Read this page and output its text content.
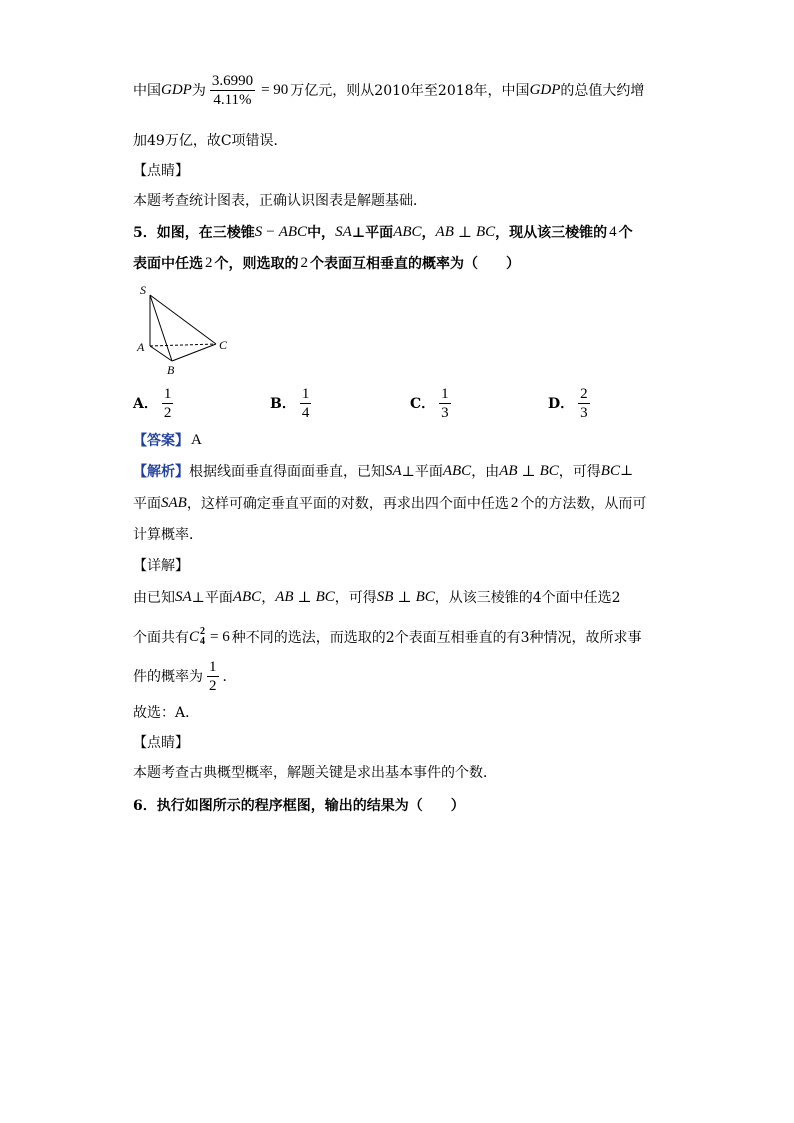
中国 GDP 为 $\frac{3.6990}{4.11\%} = 90$ 万亿元，则从2010年至2018年，中国 GDP 的总值大约增
加49万亿，故C项错误．
【点睛】
本题考查统计图表，正确认识图表是解题基础．
5．如图，在三棱锥 S − ABC 中， SA ⊥平面 ABC ， AB ⊥ BC ，现从该三棱锥的 4 个
表面中任选 2 个，则选取的 2 个表面互相垂直的概率为（　　）
S
A
B
C
A． $\frac{1}{2}$	B． $\frac{1}{4}$	C． $\frac{1}{3}$	D． $\frac{2}{3}$
【答案】 A
【解析】 根据线面垂直得面面垂直，已知 SA ⊥平面 ABC ，由 AB ⊥ BC ，可得 BC ⊥
平面 SAB ，这样可确定垂直平面的对数，再求出四个面中任选 2 个的方法数，从而可
计算概率．
【详解】
由已知 SA ⊥平面 ABC ， AB ⊥ BC ，可得 SB ⊥ BC ，从该三棱锥的4个面中任选2
个面共有 C 2
4 = 6 种不同的选法，而选取的2个表面互相垂直的有3种情况，故所求事
件的概率为 $\frac{1}{2}$ ．
故选：A．
【点睛】
本题考查古典概型概率，解题关键是求出基本事件的个数．
6．执行如图所示的程序框图，输出的结果为（　　）
